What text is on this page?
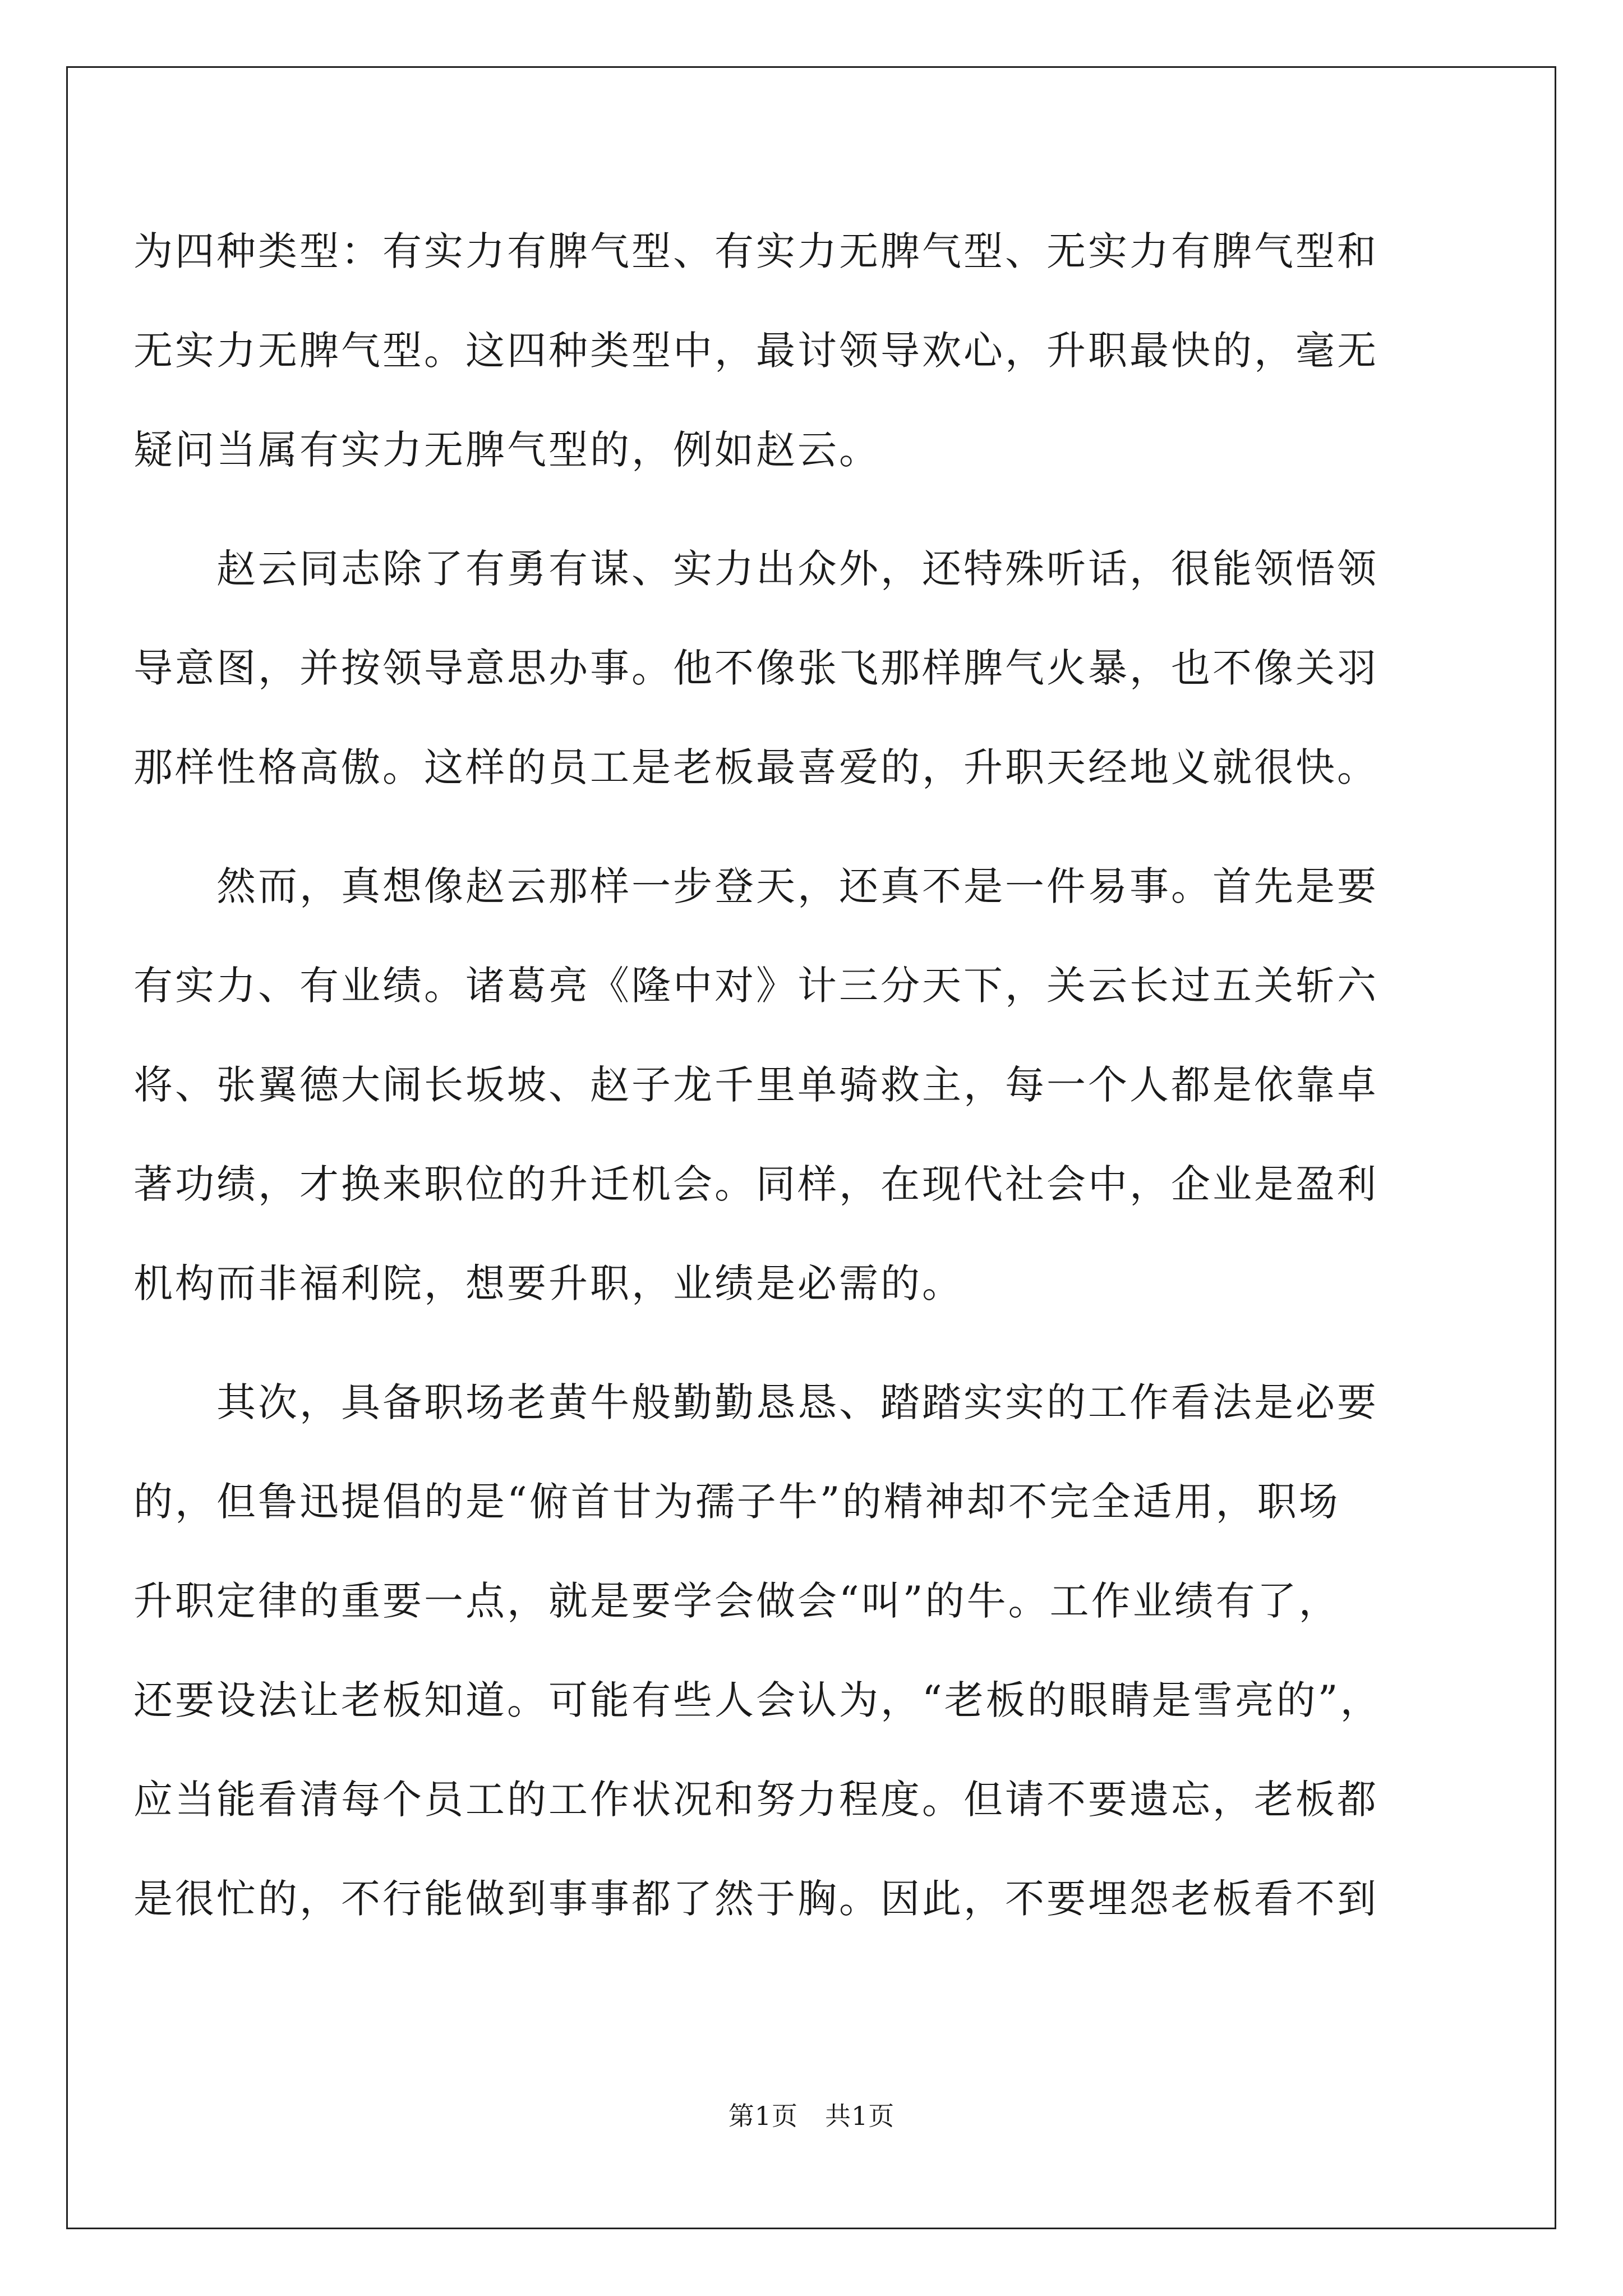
为四种类型：有实力有脾气型、有实力无脾气型、无实力有脾气型和
无实力无脾气型。这四种类型中，最讨领导欢心，升职最快的，毫无
疑问当属有实力无脾气型的，例如赵云。
　　赵云同志除了有勇有谋、实力出众外，还特殊听话，很能领悟领
导意图，并按领导意思办事。他不像张飞那样脾气火暴，也不像关羽
那样性格高傲。这样的员工是老板最喜爱的，升职天经地义就很快。
　　然而，真想像赵云那样一步登天，还真不是一件易事。首先是要
有实力、有业绩。诸葛亮《隆中对》计三分天下，关云长过五关斩六
将、张翼德大闹长坂坡、赵子龙千里单骑救主，每一个人都是依靠卓
著功绩，才换来职位的升迁机会。同样，在现代社会中，企业是盈利
机构而非福利院，想要升职，业绩是必需的。
　　其次，具备职场老黄牛般勤勤恳恳、踏踏实实的工作看法是必要
的，但鲁迅提倡的是“俯首甘为孺子牛”的精神却不完全适用，职场
升职定律的重要一点，就是要学会做会“叫”的牛。工作业绩有了，
还要设法让老板知道。可能有些人会认为，“老板的眼睛是雪亮的”，
应当能看清每个员工的工作状况和努力程度。但请不要遗忘，老板都
是很忙的，不行能做到事事都了然于胸。因此，不要埋怨老板看不到
第1页 共1页
